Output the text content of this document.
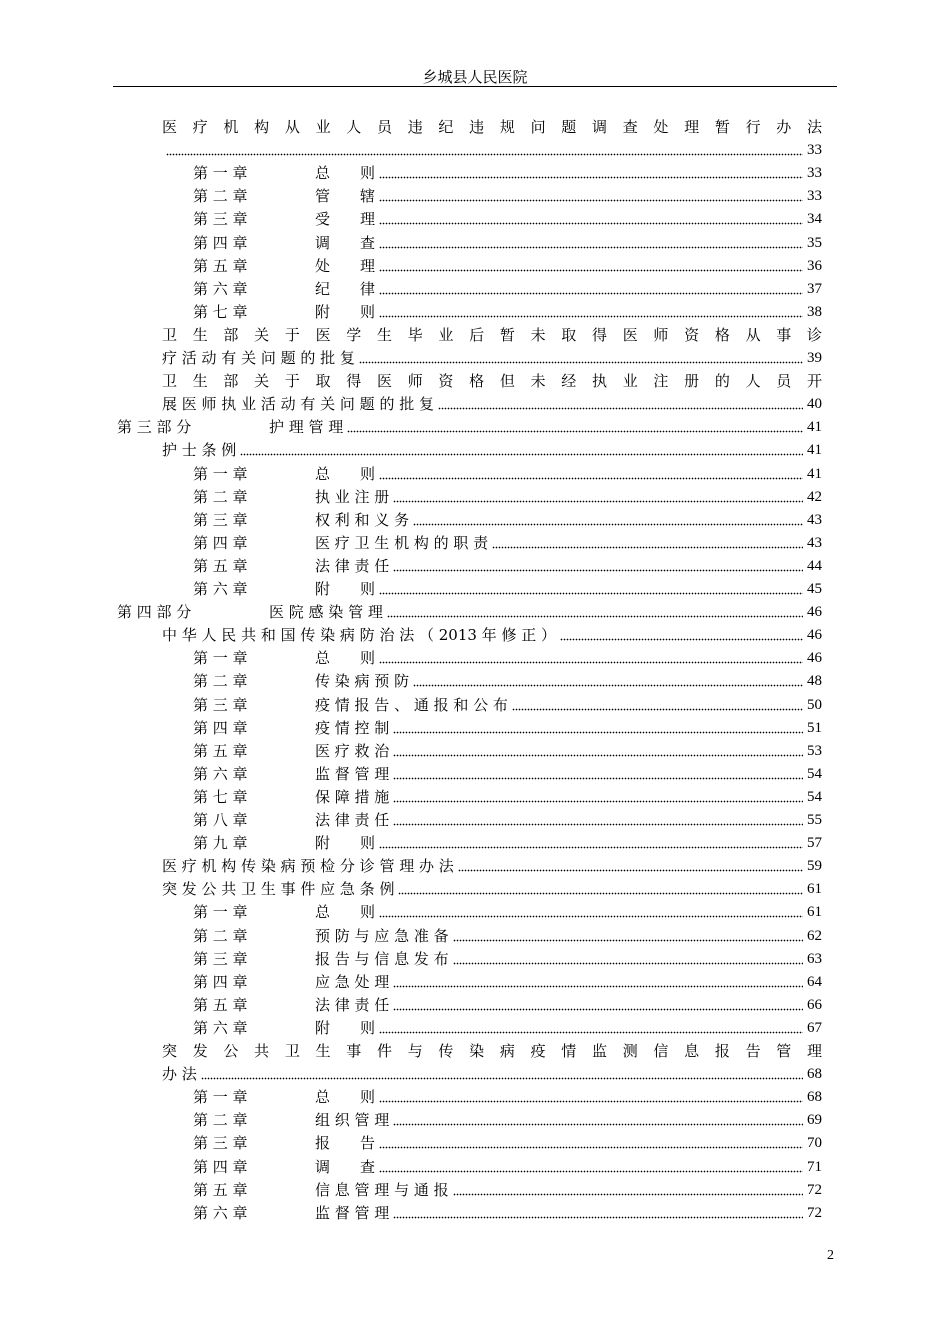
乡城县人民医院
医 疗 机 构 从 业 人 员 违 纪 违 规 问 题 调 查 处 理 暂 行 办 法
33
第 一 章	总　　则	33
第 二 章	管　　辖	33
第 三 章	受　　理	34
第 四 章	调　　查	35
第 五 章	处　　理	36
第 六 章	纪　　律	37
第 七 章	附　　则	38
卫 生 部 关 于 医 学 生 毕 业 后 暂 未 取 得 医 师 资 格 从 事 诊
疗 活 动 有 关 问 题 的 批 复	39
卫 生 部 关 于 取 得 医 师 资 格 但 未 经 执 业 注 册 的 人 员 开
展 医 师 执 业 活 动 有 关 问 题 的 批 复	40
第 三 部 分	护 理 管 理	41
护 士 条 例	41
第 一 章	总　　则	41
第 二 章	执 业 注 册	42
第 三 章	权 利 和 义 务	43
第 四 章	医 疗 卫 生 机 构 的 职 责	43
第 五 章	法 律 责 任	44
第 六 章	附　　则	45
第 四 部 分	医 院 感 染 管 理	46
中 华 人 民 共 和 国 传 染 病 防 治 法 （ 2013 年 修 正 ）	46
第 一 章	总　　则	46
第 二 章	传 染 病 预 防	48
第 三 章	疫 情 报 告 、 通 报 和 公 布	50
第 四 章	疫 情 控 制	51
第 五 章	医 疗 救 治	53
第 六 章	监 督 管 理	54
第 七 章	保 障 措 施	54
第 八 章	法 律 责 任	55
第 九 章	附　　则	57
医 疗 机 构 传 染 病 预 检 分 诊 管 理 办 法	59
突 发 公 共 卫 生 事 件 应 急 条 例	61
第 一 章	总　　则	61
第 二 章	预 防 与 应 急 准 备	62
第 三 章	报 告 与 信 息 发 布	63
第 四 章	应 急 处 理	64
第 五 章	法 律 责 任	66
第 六 章	附　　则	67
突 发 公 共 卫 生 事 件 与 传 染 病 疫 情 监 测 信 息 报 告 管 理
办 法	68
第 一 章	总　　则	68
第 二 章	组 织 管 理	69
第 三 章	报　　告	70
第 四 章	调　　查	71
第 五 章	信 息 管 理 与 通 报	72
第 六 章	监 督 管 理	72
2
